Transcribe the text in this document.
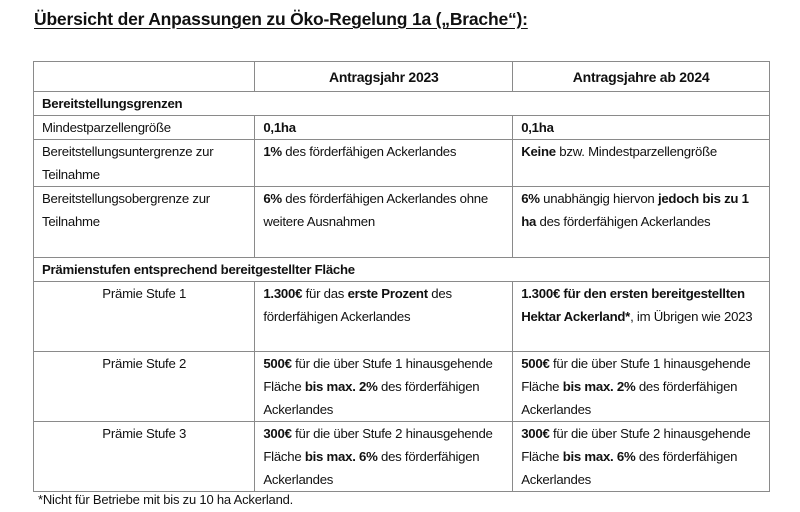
Übersicht der Anpassungen zu Öko-Regelung 1a („Brache“):
	Antragsjahr 2023	Antragsjahre ab 2024
Bereitstellungsgrenzen		
Mindestparzellengröße	0,1ha	0,1ha
Bereitstellungsuntergrenze zur Teilnahme	1% des förderfähigen Ackerlandes	Keine bzw. Mindestparzellengröße
Bereitstellungsobergrenze zur Teilnahme	6% des förderfähigen Ackerlandes ohne weitere Ausnahmen	6% unabhängig hiervon jedoch bis zu 1 ha des förderfähigen Ackerlandes
Prämienstufen entsprechend bereitgestellter Fläche		
Prämie Stufe 1	1.300€ für das erste Prozent des förderfähigen Ackerlandes	1.300€ für den ersten bereitgestellten Hektar Ackerland*, im Übrigen wie 2023
Prämie Stufe 2	500€ für die über Stufe 1 hinausgehende Fläche bis max. 2% des förderfähigen Ackerlandes	500€ für die über Stufe 1 hinausgehende Fläche bis max. 2% des förderfähigen Ackerlandes
Prämie Stufe 3	300€ für die über Stufe 2 hinausgehende Fläche bis max. 6% des förderfähigen Ackerlandes	300€ für die über Stufe 2 hinausgehende Fläche bis max. 6% des förderfähigen Ackerlandes
*Nicht für Betriebe mit bis zu 10 ha Ackerland.
